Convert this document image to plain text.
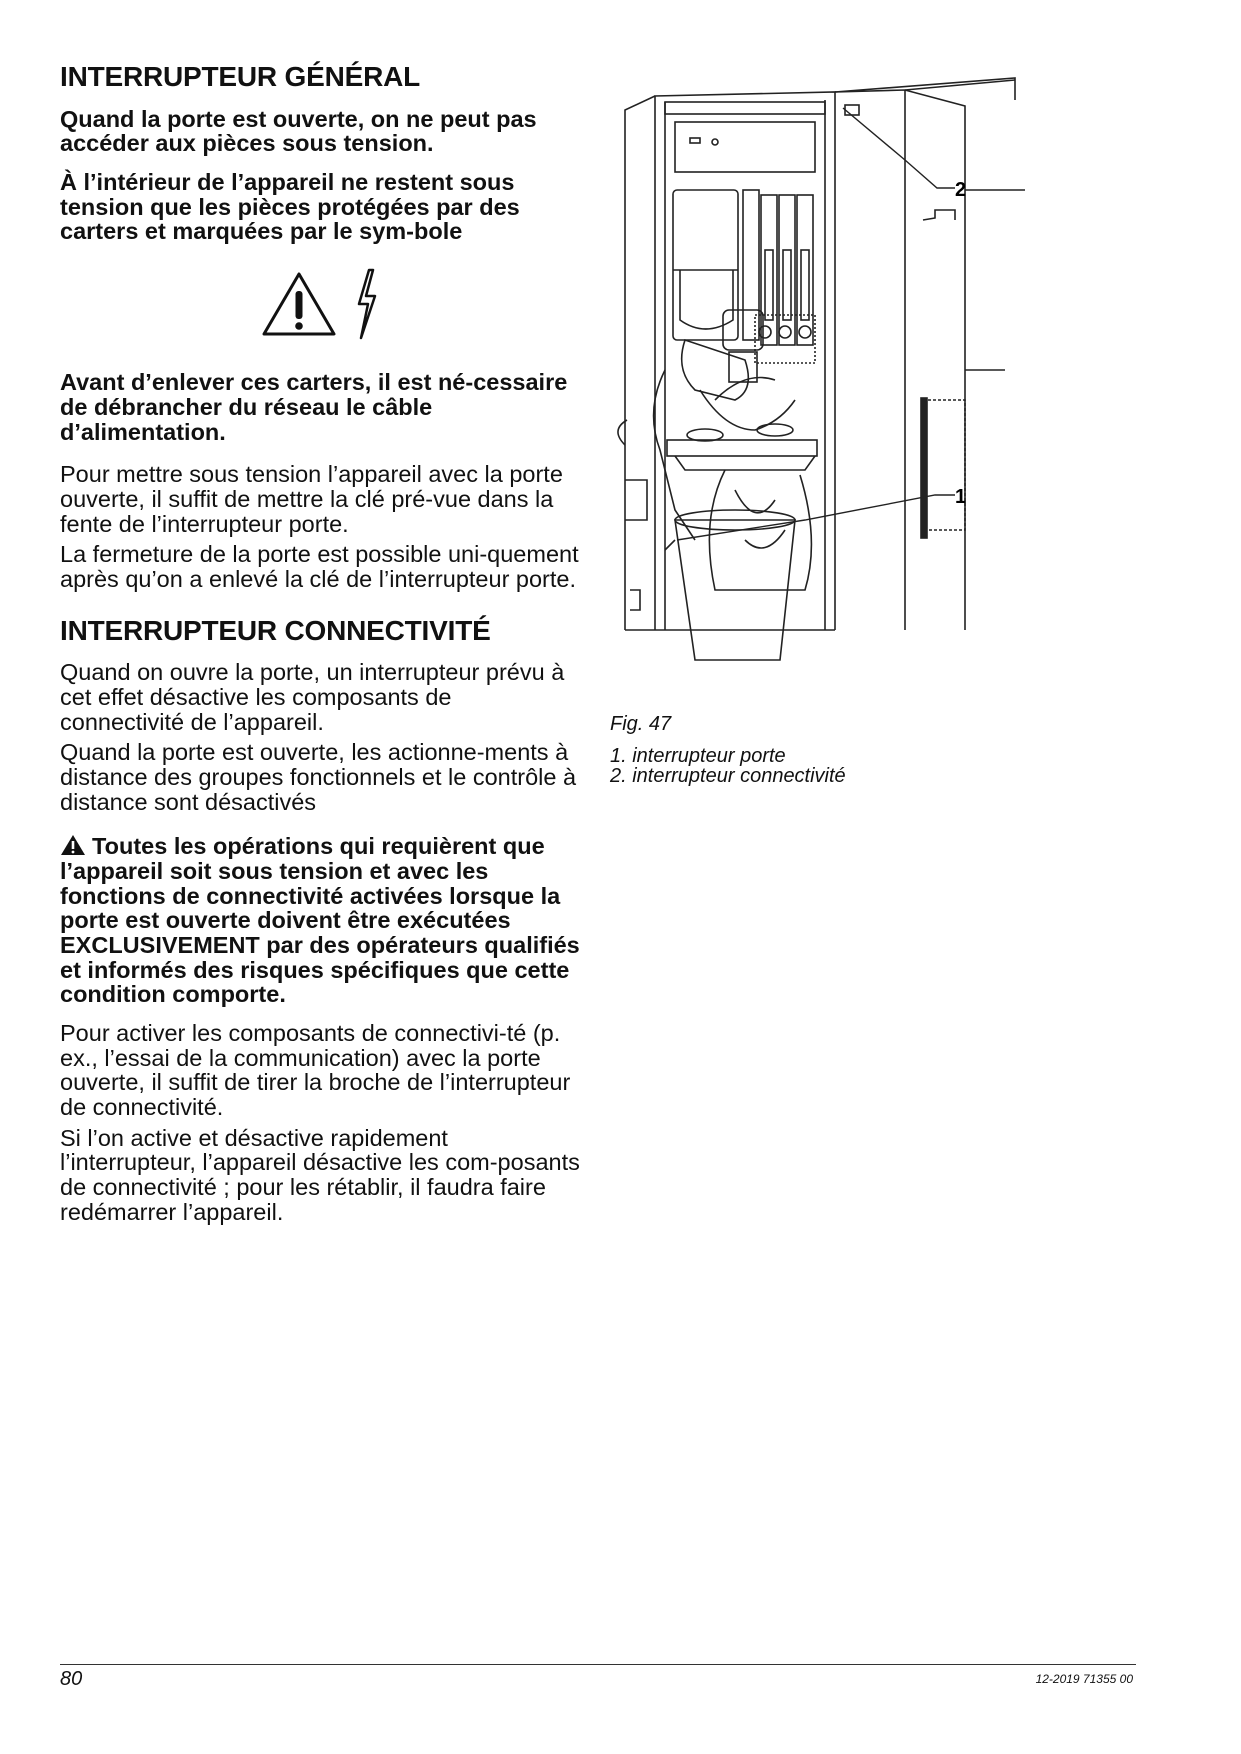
INTERRUPTEUR GÉNÉRAL

Quand la porte est ouverte, on ne peut pas accéder aux pièces sous tension.

À l’intérieur de l’appareil ne restent sous tension que les pièces protégées par des carters et marquées par le sym-bole

Avant d’enlever ces carters, il est né-cessaire de débrancher du réseau le câble d’alimentation.

Pour mettre sous tension l’appareil avec la porte ouverte, il suffit de mettre la clé pré-vue dans la fente de l’interrupteur porte.

La fermeture de la porte est possible uni-quement après qu’on a enlevé la clé de l’interrupteur porte.

INTERRUPTEUR CONNECTIVITÉ

Quand on ouvre la porte, un interrupteur prévu à cet effet désactive les composants de connectivité de l’appareil.

Quand la porte est ouverte, les actionne-ments à distance des groupes fonctionnels et le contrôle à distance sont désactivés

Toutes les opérations qui requièrent que l’appareil soit sous tension et avec les fonctions de connectivité activées lorsque la porte est ouverte doivent être exécutées EXCLUSIVEMENT par des opérateurs qualifiés et informés des risques spécifiques que cette condition comporte.

Pour activer les composants de connectivi-té (p. ex., l’essai de la communication) avec la porte ouverte, il suffit de tirer la broche de l’interrupteur de connectivité.

Si l’on active et désactive rapidement l’interrupteur, l’appareil désactive les com-posants de connectivité ; pour les rétablir, il faudra faire redémarrer l’appareil.

2
1
Fig. 47
1. interrupteur porte
2. interrupteur connectivité
80	12-2019 71355 00
